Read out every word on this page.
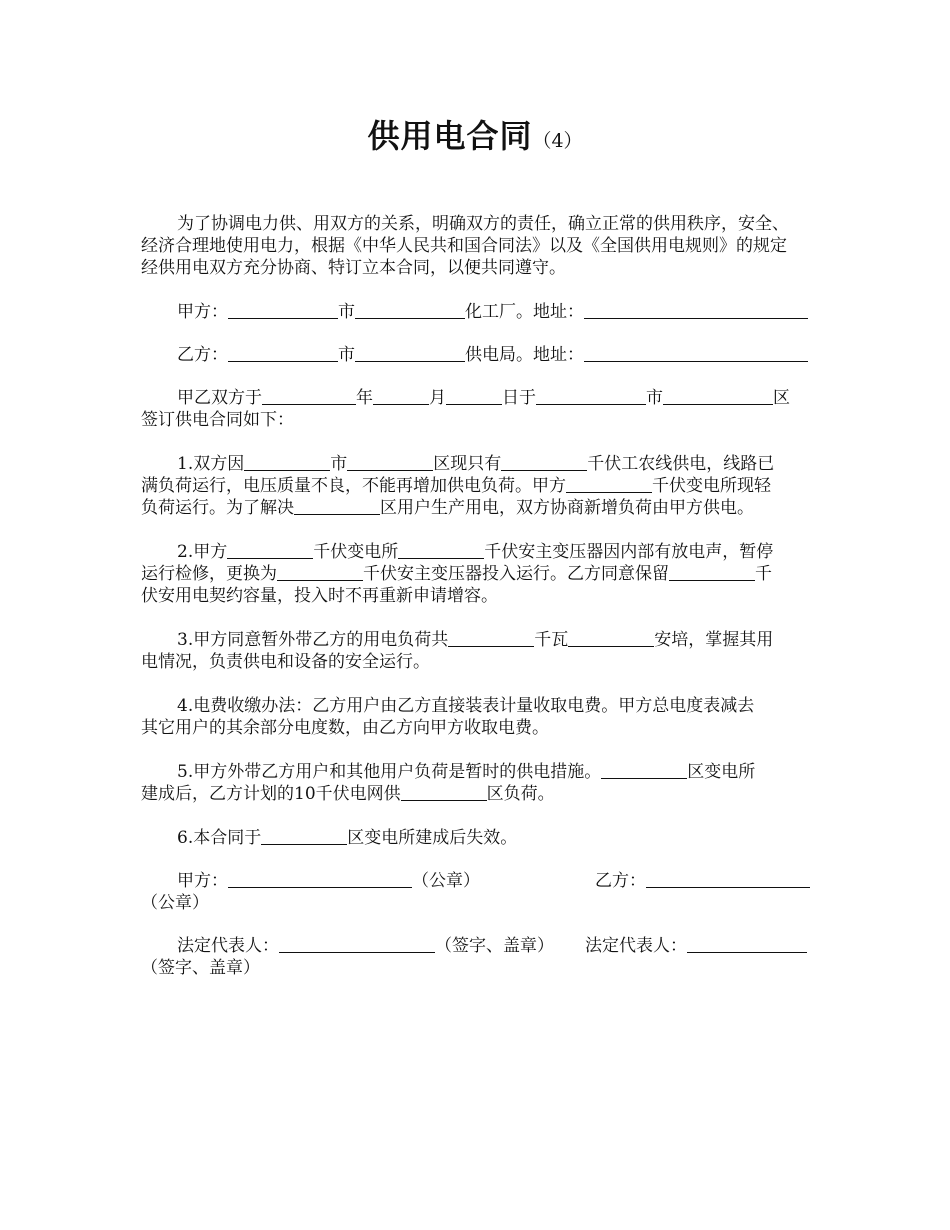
供用电合同（4）
为了协调电力供、用双方的关系，明确双方的责任，确立正常的供用秩序，安全、
经济合理地使用电力，根据《中华人民共和国合同法》以及《全国供用电规则》的规定
经供用电双方充分协商、特订立本合同，以便共同遵守。
甲方：	市	化工厂。地址：
乙方：	市	供电局。地址：
甲乙双方于	年	月	日于	市	区
签订供电合同如下：
1.双方因	市	区现只有	千伏工农线供电，线路已
满负荷运行，电压质量不良，不能再增加供电负荷。甲方	千伏变电所现轻
负荷运行。为了解决	区用户生产用电，双方协商新增负荷由甲方供电。
2.甲方	千伏变电所	千伏安主变压器因内部有放电声，暂停
运行检修，更换为	千伏安主变压器投入运行。乙方同意保留	千
伏安用电契约容量，投入时不再重新申请增容。
3.甲方同意暂外带乙方的用电负荷共	千瓦	安培，掌握其用
电情况，负责供电和设备的安全运行。
4.电费收缴办法：乙方用户由乙方直接装表计量收取电费。甲方总电度表减去
其它用户的其余部分电度数，由乙方向甲方收取电费。
5.甲方外带乙方用户和其他用户负荷是暂时的供电措施。	区变电所
建成后，乙方计划的10千伏电网供	区负荷。
6.本合同于	区变电所建成后失效。
甲方：	（公章）	乙方：
（公章）
法定代表人：	（签字、盖章）	法定代表人：
（签字、盖章）
